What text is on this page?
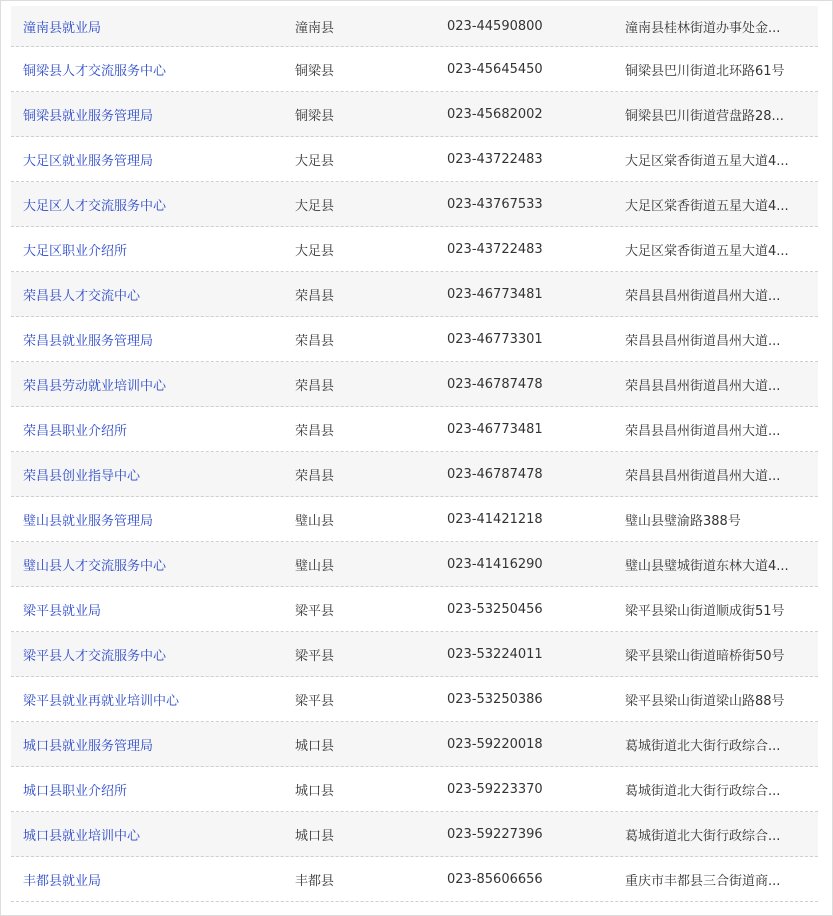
潼南县就业局	潼南县	023-44590800	潼南县桂林街道办事处金...
铜梁县人才交流服务中心	铜梁县	023-45645450	铜梁县巴川街道北环路61号
铜梁县就业服务管理局	铜梁县	023-45682002	铜梁县巴川街道营盘路28...
大足区就业服务管理局	大足县	023-43722483	大足区棠香街道五星大道4...
大足区人才交流服务中心	大足县	023-43767533	大足区棠香街道五星大道4...
大足区职业介绍所	大足县	023-43722483	大足区棠香街道五星大道4...
荣昌县人才交流中心	荣昌县	023-46773481	荣昌县昌州街道昌州大道...
荣昌县就业服务管理局	荣昌县	023-46773301	荣昌县昌州街道昌州大道...
荣昌县劳动就业培训中心	荣昌县	023-46787478	荣昌县昌州街道昌州大道...
荣昌县职业介绍所	荣昌县	023-46773481	荣昌县昌州街道昌州大道...
荣昌县创业指导中心	荣昌县	023-46787478	荣昌县昌州街道昌州大道...
璧山县就业服务管理局	璧山县	023-41421218	璧山县璧渝路388号
璧山县人才交流服务中心	璧山县	023-41416290	璧山县璧城街道东林大道4...
梁平县就业局	梁平县	023-53250456	梁平县梁山街道顺成街51号
梁平县人才交流服务中心	梁平县	023-53224011	梁平县梁山街道暗桥街50号
梁平县就业再就业培训中心	梁平县	023-53250386	梁平县梁山街道梁山路88号
城口县就业服务管理局	城口县	023-59220018	葛城街道北大街行政综合...
城口县职业介绍所	城口县	023-59223370	葛城街道北大街行政综合...
城口县就业培训中心	城口县	023-59227396	葛城街道北大街行政综合...
丰都县就业局	丰都县	023-85606656	重庆市丰都县三合街道商...
